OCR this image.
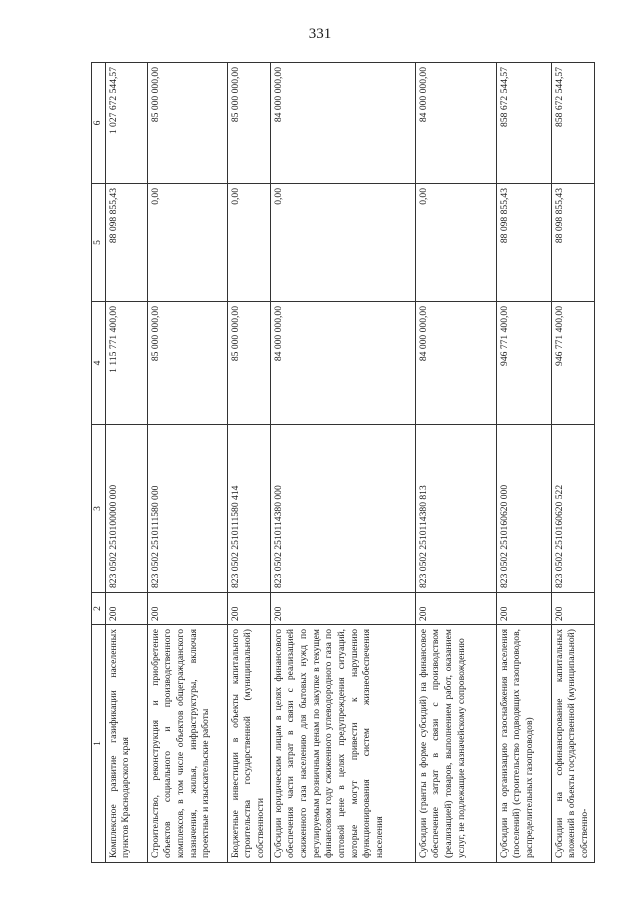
331
1	2	3	4	5	6
Комплексное развитие газификации населенных пунктов Краснодарского края	200	823 0502 2510100000 000	1 115 771 400,00	88 098 855,43	1 027 672 544,57
Строительство, реконструкция и приобретение объектов социального и производственного комплексов, в том числе объектов общегражданского назначения, жилья, инфраструктуры, включая проектные и изыскательские работы	200	823 0502 2510111580 000	85 000 000,00	0,00	85 000 000,00
Бюджетные инвестиции в объекты капитального строительства государственной (муниципальной) собственности	200	823 0502 2510111580 414	85 000 000,00	0,00	85 000 000,00
Субсидии юридическим лицам в целях финансового обеспечения части затрат в связи с реализацией сжиженного газа населению для бытовых нужд по регулируемым розничным ценам по закупке в текущем финансовом году сжиженного углеводородного газа по оптовой цене в целях предупреждения ситуаций, которые могут привести к нарушению функционирования систем жизнеобеспечения населения	200	823 0502 2510114380 000	84 000 000,00	0,00	84 000 000,00
Субсидии (гранты в форме субсидий) на финансовое обеспечение затрат в связи с производством (реализацией) товаров, выполнением работ, оказанием услуг, не подлежащие казначейскому сопровождению	200	823 0502 2510114380 813	84 000 000,00	0,00	84 000 000,00
Субсидии на организацию газоснабжения населения (поселений) (строительство подводящих газопроводов, распределительных газопроводов)	200	823 0502 2510160620 000	946 771 400,00	88 098 855,43	858 672 544,57
Субсидии на софинансирование капитальных вложений в объекты государственной (муниципальной) собственно-	200	823 0502 2510160620 522	946 771 400,00	88 098 855,43	858 672 544,57
